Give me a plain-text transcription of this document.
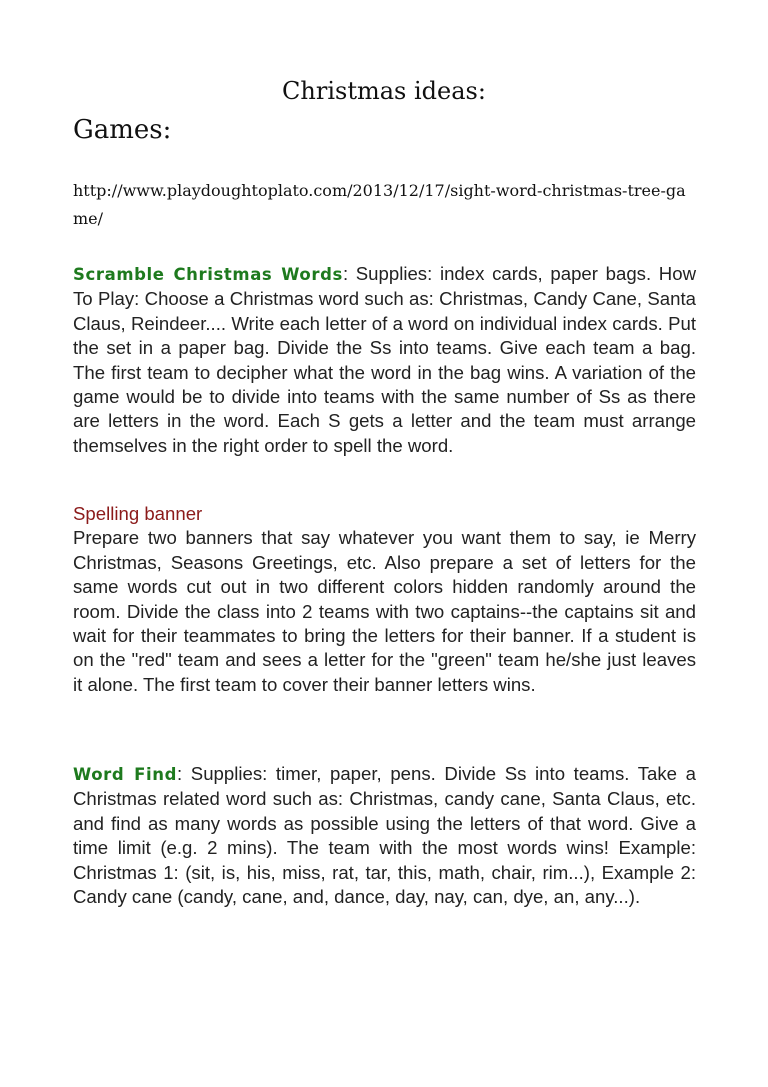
Christmas ideas:
Games:
http://www.playdoughtoplato.com/2013/12/17/sight-word-christmas-tree-game/
Scramble Christmas Words: Supplies: index cards, paper bags. How To Play: Choose a Christmas word such as: Christmas, Candy Cane, Santa Claus, Reindeer.... Write each letter of a word on individual index cards. Put the set in a paper bag. Divide the Ss into teams. Give each team a bag. The first team to decipher what the word in the bag wins. A variation of the game would be to divide into teams with the same number of Ss as there are letters in the word. Each S gets a letter and the team must arrange themselves in the right order to spell the word.
Spelling banner
Prepare two banners that say whatever you want them to say, ie Merry Christmas, Seasons Greetings, etc. Also prepare a set of letters for the same words cut out in two different colors hidden randomly around the room. Divide the class into 2 teams with two captains--the captains sit and wait for their teammates to bring the letters for their banner. If a student is on the "red" team and sees a letter for the "green" team he/she just leaves it alone. The first team to cover their banner letters wins.
Word Find: Supplies: timer, paper, pens. Divide Ss into teams. Take a Christmas related word such as: Christmas, candy cane, Santa Claus, etc. and find as many words as possible using the letters of that word. Give a time limit (e.g. 2 mins). The team with the most words wins! Example: Christmas 1: (sit, is, his, miss, rat, tar, this, math, chair, rim...), Example 2: Candy cane (candy, cane, and, dance, day, nay, can, dye, an, any...).
